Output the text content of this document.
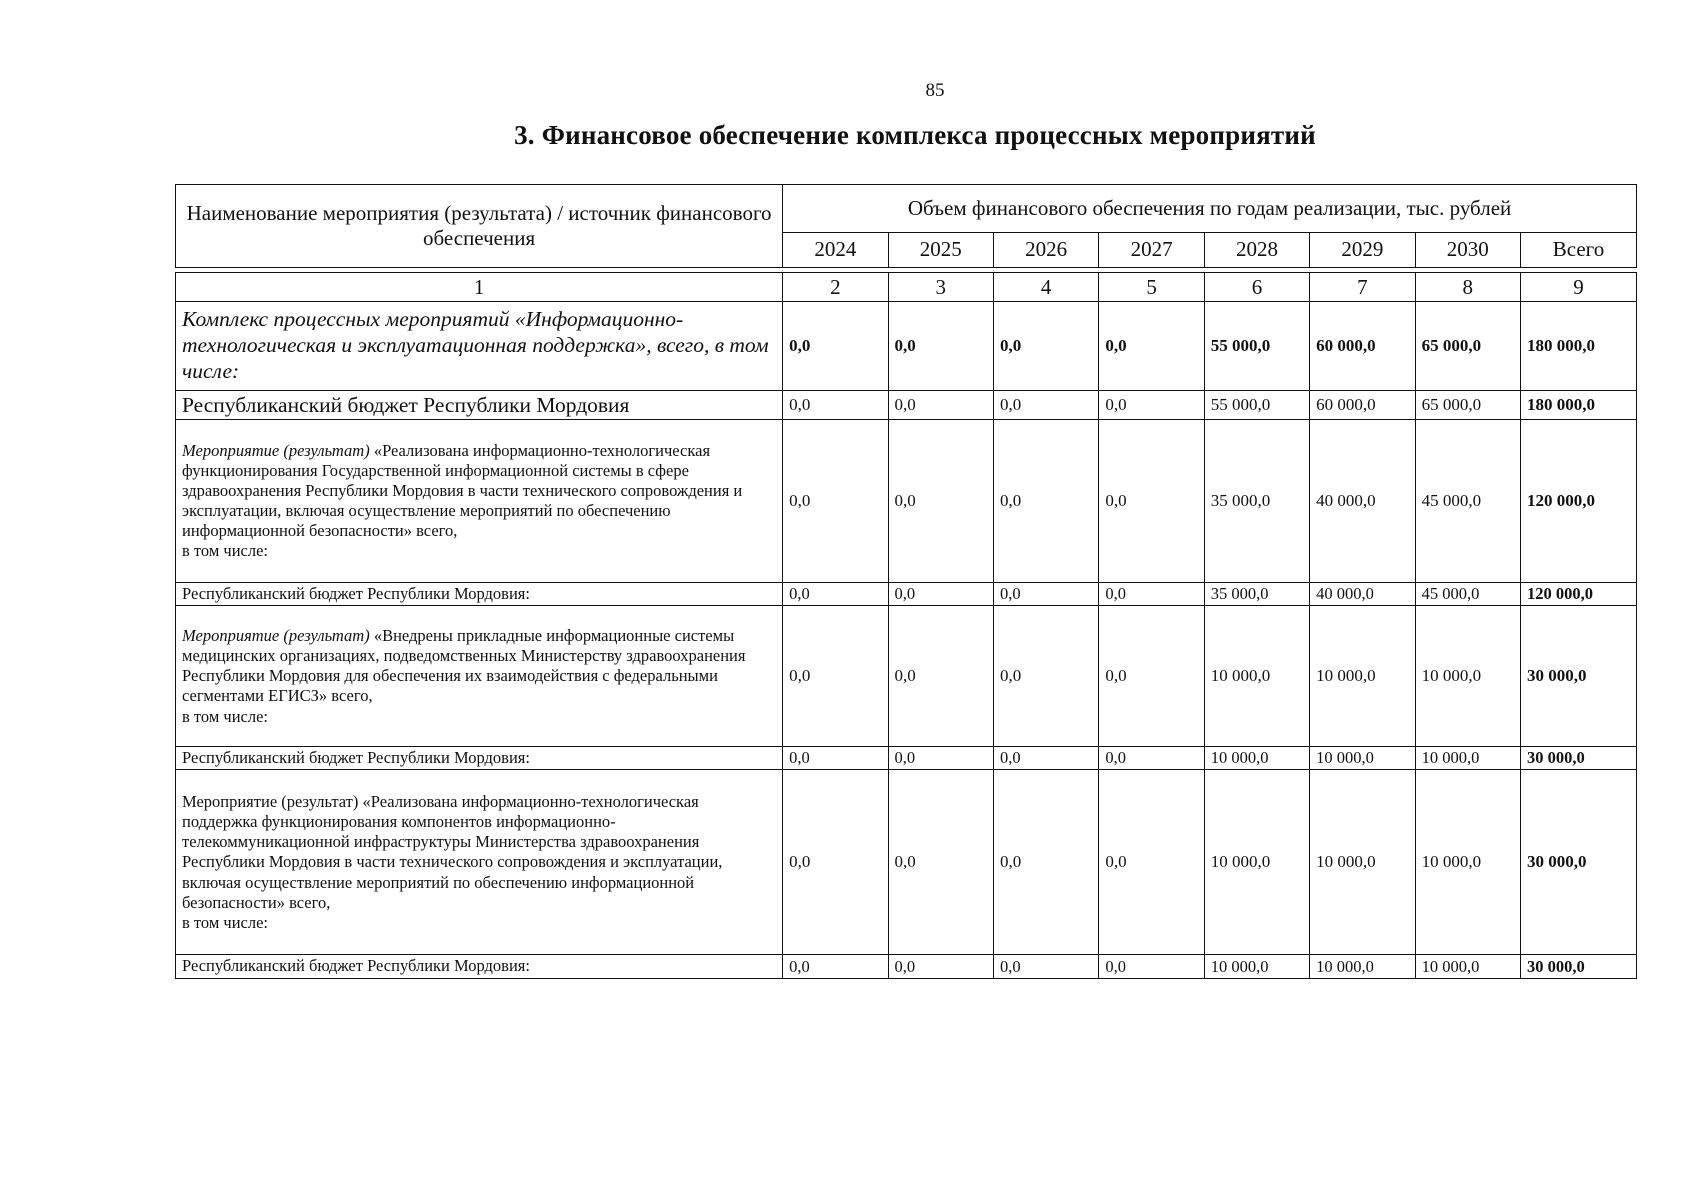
85
3. Финансовое обеспечение комплекса процессных мероприятий
Наименование мероприятия (результата) / источник финансового обеспечения	Объем финансового обеспечения по годам реализации, тыс. рублей							
	2024	2025	2026	2027	2028	2029	2030	Всего

1	2	3	4	5	6	7	8	9
Комплекс процессных мероприятий «Информационно-технологическая и эксплуатационная поддержка», всего, в том числе:	0,0	0,0	0,0	0,0	55 000,0	60 000,0	65 000,0	180 000,0
Республиканский бюджет Республики Мордовия	0,0	0,0	0,0	0,0	55 000,0	60 000,0	65 000,0	180 000,0
Мероприятие (результат) «Реализована информационно-технологическая функционирования Государственной информационной системы в сфере здравоохранения Республики Мордовия в части технического сопровождения и эксплуатации, включая осуществление мероприятий по обеспечению информационной безопасности» всего,
в том числе:	0,0	0,0	0,0	0,0	35 000,0	40 000,0	45 000,0	120 000,0
Республиканский бюджет Республики Мордовия:	0,0	0,0	0,0	0,0	35 000,0	40 000,0	45 000,0	120 000,0
Мероприятие (результат) «Внедрены прикладные информационные системы медицинских организациях, подведомственных Министерству здравоохранения Республики Мордовия для обеспечения их взаимодействия с федеральными сегментами ЕГИСЗ» всего,
в том числе:	0,0	0,0	0,0	0,0	10 000,0	10 000,0	10 000,0	30 000,0
Республиканский бюджет Республики Мордовия:	0,0	0,0	0,0	0,0	10 000,0	10 000,0	10 000,0	30 000,0
Мероприятие (результат) «Реализована информационно-технологическая поддержка функционирования компонентов информационно-телекоммуникационной инфраструктуры Министерства здравоохранения Республики Мордовия в части технического сопровождения и эксплуатации, включая осуществление мероприятий по обеспечению информационной безопасности» всего,
в том числе:	0,0	0,0	0,0	0,0	10 000,0	10 000,0	10 000,0	30 000,0
Республиканский бюджет Республики Мордовия:	0,0	0,0	0,0	0,0	10 000,0	10 000,0	10 000,0	30 000,0
